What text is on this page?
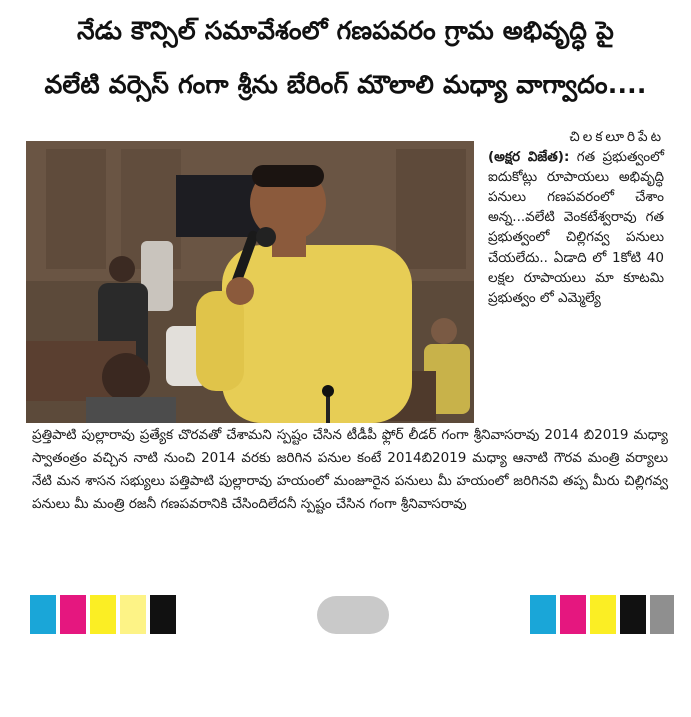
నేడు కౌన్సిల్ సమావేశంలో గణపవరం గ్రామ అభివృద్ధి పై
వలేటి వర్సెస్ గంగా శ్రీను బేరింగ్ మౌలాలి మధ్యా వాగ్వాదం....
చిలకలూరిపేట
(అక్షర విజేత): గత ప్రభుత్వంలో ఐదుకోట్లు రూపాయలు అభివృద్ధి పనులు గణపవరంలో చేశాం అన్న...వలేటి వెంకటేశ్వరావు గత ప్రభుత్వంలో చిల్లిగవ్వ పనులు చేయలేదు.. ఏడాది లో 1కోటి 40 లక్షల రూపాయలు మా కూటమి ప్రభుత్వం లో ఎమ్మెల్యే
ప్రత్తిపాటి పుల్లారావు ప్రత్యేక చొరవతో చేశామని స్పష్టం చేసిన టీడీపీ ఫ్లోర్ లీడర్ గంగా శ్రీనివాసరావు 2014 బి2019 మధ్యా స్వాతంత్రం వచ్చిన నాటి నుంచి 2014 వరకు జరిగిన పనుల కంటే 2014బి2019 మధ్యా ఆనాటి గౌరవ మంత్రి వర్యాలు నేటి మన శాసన సభ్యులు పత్తిపాటి పుల్లారావు హయంలో మంజూరైన పనులు మీ హయంలో జరిగినవి తప్ప మీరు చిల్లిగవ్వ పనులు మీ మంత్రి రజనీ గణపవరానికి చేసిందిలేదనీ స్పష్టం చేసిన గంగా శ్రీనివాసరావు
